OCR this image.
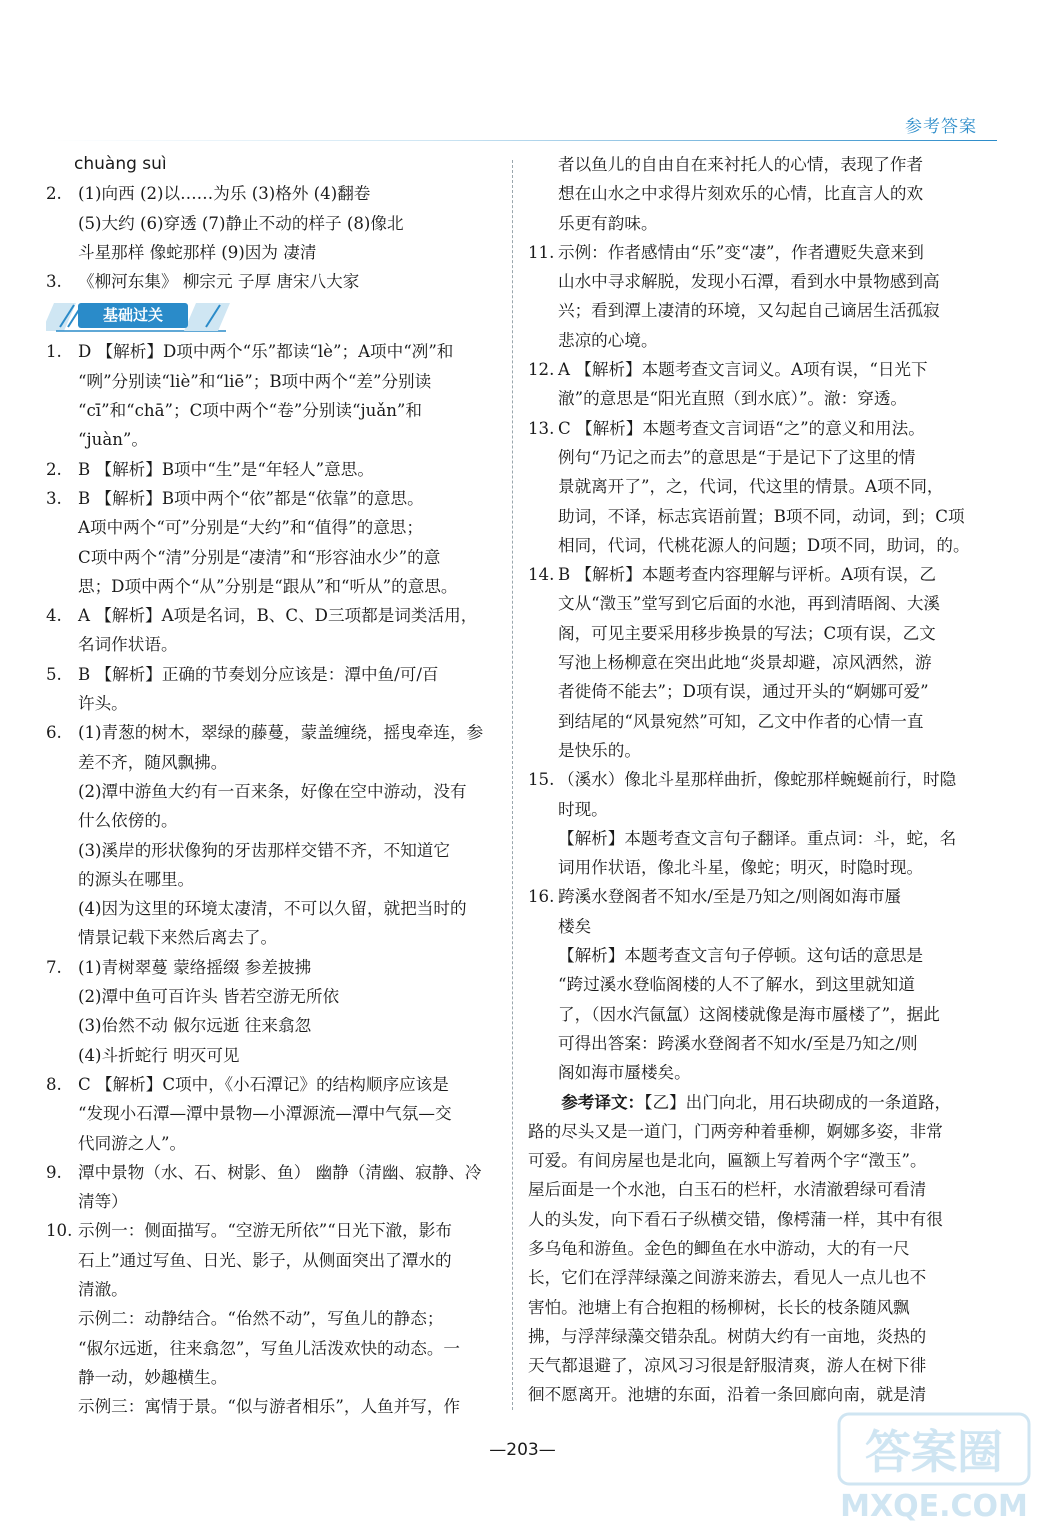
参考答案
chuàng suì
2. (1)向西 (2)以……为乐 (3)格外 (4)翻卷
(5)大约 (6)穿透 (7)静止不动的样子 (8)像北
斗星那样 像蛇那样 (9)因为 凄清
3. 《柳河东集》 柳宗元 子厚 唐宋八大家
基础过关
1. D 【解析】D项中两个“乐”都读“lè”；A项中“冽”和
“咧”分别读“liè”和“liē”；B项中两个“差”分别读
“cī”和“chā”；C项中两个“卷”分别读“juǎn”和
“juàn”。
2. B 【解析】B项中“生”是“年轻人”意思。
3. B 【解析】B项中两个“依”都是“依靠”的意思。
A项中两个“可”分别是“大约”和“值得”的意思；
C项中两个“清”分别是“凄清”和“形容油水少”的意
思；D项中两个“从”分别是“跟从”和“听从”的意思。
4. A 【解析】A项是名词，B、C、D三项都是词类活用，
名词作状语。
5. B 【解析】正确的节奏划分应该是：潭中鱼/可/百
许头。
6. (1)青葱的树木，翠绿的藤蔓，蒙盖缠绕，摇曳牵连，参
差不齐，随风飘拂。
(2)潭中游鱼大约有一百来条，好像在空中游动，没有
什么依傍的。
(3)溪岸的形状像狗的牙齿那样交错不齐，不知道它
的源头在哪里。
(4)因为这里的环境太凄清，不可以久留，就把当时的
情景记载下来然后离去了。
7. (1)青树翠蔓 蒙络摇缀 参差披拂
(2)潭中鱼可百许头 皆若空游无所依
(3)佁然不动 俶尔远逝 往来翕忽
(4)斗折蛇行 明灭可见
8. C 【解析】C项中，《小石潭记》的结构顺序应该是
“发现小石潭—潭中景物—小潭源流—潭中气氛—交
代同游之人”。
9. 潭中景物（水、石、树影、鱼） 幽静（清幽、寂静、冷
清等）
10. 示例一：侧面描写。“空游无所依”“日光下澈，影布
石上”通过写鱼、日光、影子，从侧面突出了潭水的
清澈。
示例二：动静结合。“佁然不动”，写鱼儿的静态；
“俶尔远逝，往来翕忽”，写鱼儿活泼欢快的动态。一
静一动，妙趣横生。
示例三：寓情于景。“似与游者相乐”，人鱼并写，作
者以鱼儿的自由自在来衬托人的心情，表现了作者
想在山水之中求得片刻欢乐的心情，比直言人的欢
乐更有韵味。
11. 示例：作者感情由“乐”变“凄”，作者遭贬失意来到
山水中寻求解脱，发现小石潭，看到水中景物感到高
兴；看到潭上凄清的环境，又勾起自己谪居生活孤寂
悲凉的心境。
12. A 【解析】本题考查文言词义。A项有误，“日光下
澈”的意思是“阳光直照（到水底）”。澈：穿透。
13. C 【解析】本题考查文言词语“之”的意义和用法。
例句“乃记之而去”的意思是“于是记下了这里的情
景就离开了”，之，代词，代这里的情景。A项不同，
助词，不译，标志宾语前置；B项不同，动词，到；C项
相同，代词，代桃花源人的问题；D项不同，助词，的。
14. B 【解析】本题考查内容理解与评析。A项有误，乙
文从“澂玉”堂写到它后面的水池，再到清晤阁、大溪
阁，可见主要采用移步换景的写法；C项有误，乙文
写池上杨柳意在突出此地“炎景却避，凉风洒然，游
者徙倚不能去”；D项有误，通过开头的“婀娜可爱”
到结尾的“风景宛然”可知，乙文中作者的心情一直
是快乐的。
15. （溪水）像北斗星那样曲折，像蛇那样蜿蜒前行，时隐
时现。
【解析】本题考查文言句子翻译。重点词：斗，蛇，名
词用作状语，像北斗星，像蛇；明灭，时隐时现。
16. 跨溪水登阁者不知水/至是乃知之/则阁如海市蜃
楼矣
【解析】本题考查文言句子停顿。这句话的意思是
“跨过溪水登临阁楼的人不了解水，到这里就知道
了，（因水汽氤氲）这阁楼就像是海市蜃楼了”，据此
可得出答案：跨溪水登阁者不知水/至是乃知之/则
阁如海市蜃楼矣。
参考译文：【乙】出门向北，用石块砌成的一条道路，
路的尽头又是一道门，门两旁种着垂柳，婀娜多姿，非常
可爱。有间房屋也是北向，匾额上写着两个字“澂玉”。
屋后面是一个水池，白玉石的栏杆，水清澈碧绿可看清
人的头发，向下看石子纵横交错，像樗蒲一样，其中有很
多乌龟和游鱼。金色的鲫鱼在水中游动，大的有一尺
长，它们在浮萍绿藻之间游来游去，看见人一点儿也不
害怕。池塘上有合抱粗的杨柳树，长长的枝条随风飘
拂，与浮萍绿藻交错杂乱。树荫大约有一亩地，炎热的
天气都退避了，凉风习习很是舒服清爽，游人在树下徘
徊不愿离开。池塘的东面，沿着一条回廊向南，就是清
—203—	答案圈
MXQE.COM
